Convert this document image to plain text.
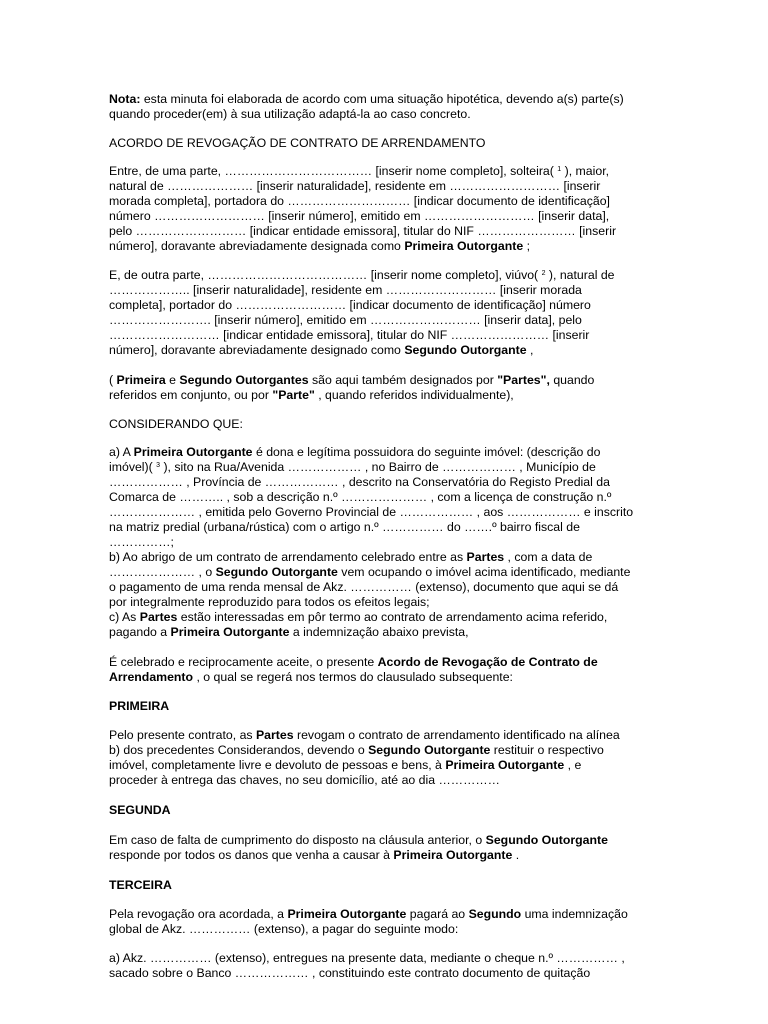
Nota: esta minuta foi elaborada de acordo com uma situação hipotética, devendo a(s) parte(s)
quando proceder(em) à sua utilização adaptá-la ao caso concreto.

ACORDO DE REVOGAÇÃO DE CONTRATO DE ARRENDAMENTO

Entre, de uma parte, ……………………………… [inserir nome completo], solteira( $^1$ ), maior,
natural de ………………… [inserir naturalidade], residente em ……………………… [inserir
morada completa], portadora do ………………………… [indicar documento de identificação]
número ……………………… [inserir número], emitido em ……………………… [inserir data],
pelo ……………………… [indicar entidade emissora], titular do NIF …………………… [inserir
número], doravante abreviadamente designada como Primeira Outorgante ;

E, de outra parte, ………………………………… [inserir nome completo], viúvo( $^2$ ), natural de
……………….. [inserir naturalidade], residente em ……………………… [inserir morada
completa], portador do ……………………… [indicar documento de identificação] número
……………………. [inserir número], emitido em ……………………… [inserir data], pelo
……………………… [indicar entidade emissora], titular do NIF …………………… [inserir
número], doravante abreviadamente designado como Segundo Outorgante ,

( Primeira e Segundo Outorgantes são aqui também designados por "Partes", quando
referidos em conjunto, ou por "Parte" , quando referidos individualmente),

CONSIDERANDO QUE:

a) A Primeira Outorgante é dona e legítima possuidora do seguinte imóvel: (descrição do
imóvel)( $^3$ ), sito na Rua/Avenida ……………… , no Bairro de ……………… , Município de
……………… , Província de ……………… , descrito na Conservatória do Registo Predial da
Comarca de ……….. , sob a descrição n.º ………………… , com a licença de construção n.º
………………… , emitida pelo Governo Provincial de ……………… , aos ……………… e inscrito
na matriz predial (urbana/rústica) com o artigo n.º …………… do …….º bairro fiscal de
……………;
b) Ao abrigo de um contrato de arrendamento celebrado entre as Partes , com a data de
………………… , o Segundo Outorgante vem ocupando o imóvel acima identificado, mediante
o pagamento de uma renda mensal de Akz. …………… (extenso), documento que aqui se dá
por integralmente reproduzido para todos os efeitos legais;
c) As Partes estão interessadas em pôr termo ao contrato de arrendamento acima referido,
pagando a Primeira Outorgante a indemnização abaixo prevista,

É celebrado e reciprocamente aceite, o presente Acordo de Revogação de Contrato de
Arrendamento , o qual se regerá nos termos do clausulado subsequente:

PRIMEIRA

Pelo presente contrato, as Partes revogam o contrato de arrendamento identificado na alínea
b) dos precedentes Considerandos, devendo o Segundo Outorgante restituir o respectivo
imóvel, completamente livre e devoluto de pessoas e bens, à Primeira Outorgante , e
proceder à entrega das chaves, no seu domicílio, até ao dia ……………

SEGUNDA

Em caso de falta de cumprimento do disposto na cláusula anterior, o Segundo Outorgante
responde por todos os danos que venha a causar à Primeira Outorgante .

TERCEIRA

Pela revogação ora acordada, a Primeira Outorgante pagará ao Segundo uma indemnização
global de Akz. …………… (extenso), a pagar do seguinte modo:

a) Akz. …………… (extenso), entregues na presente data, mediante o cheque n.º …………… ,
sacado sobre o Banco ……………… , constituindo este contrato documento de quitação
